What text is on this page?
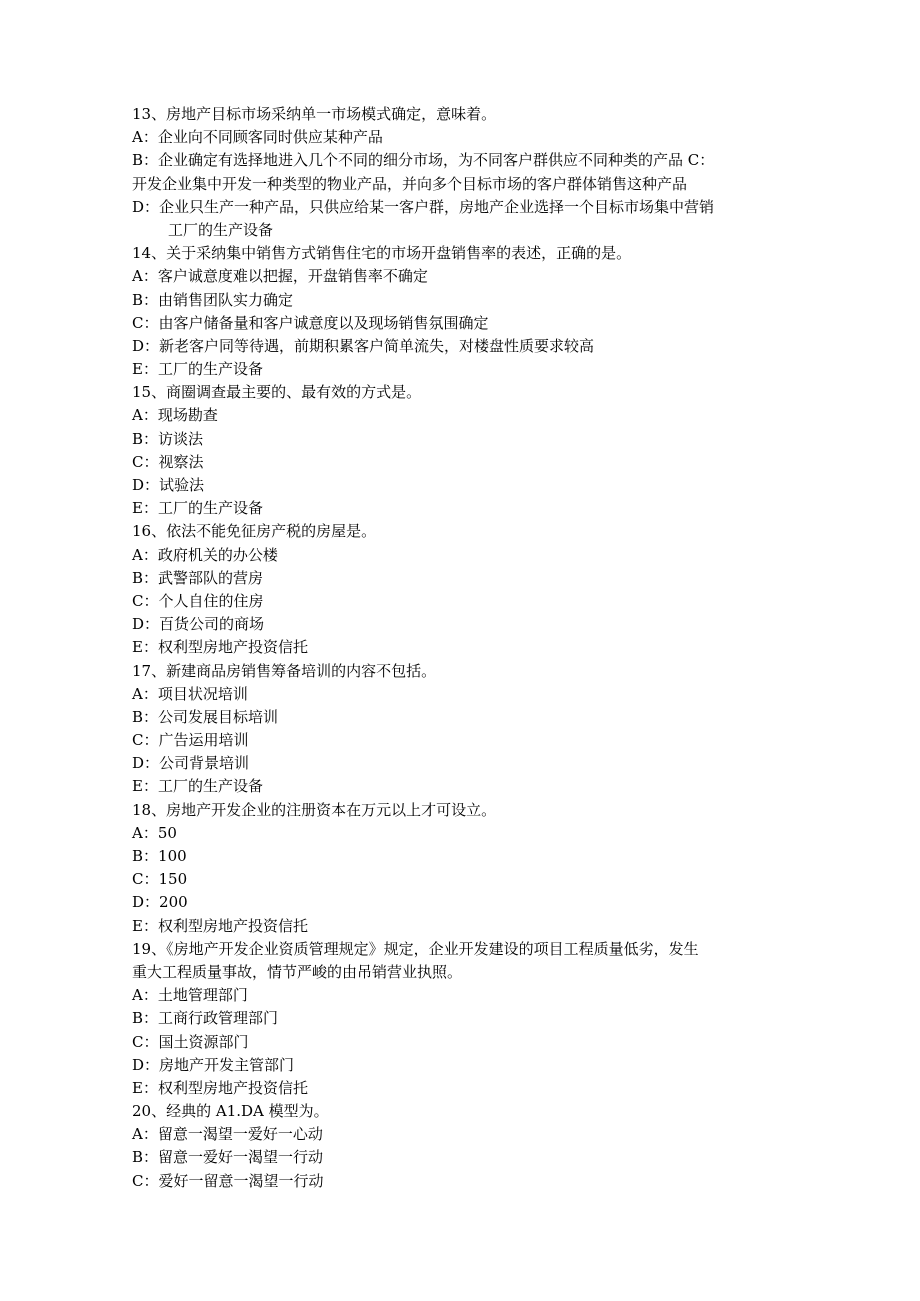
13、房地产目标市场采纳单一市场模式确定，意味着。
A：企业向不同顾客同时供应某种产品
B：企业确定有选择地进入几个不同的细分市场，为不同客户群供应不同种类的产品 C：
开发企业集中开发一种类型的物业产品，并向多个目标市场的客户群体销售这种产品
D：企业只生产一种产品，只供应给某一客户群，房地产企业选择一个目标市场集中营销
工厂的生产设备
14、关于采纳集中销售方式销售住宅的市场开盘销售率的表述，正确的是。
A：客户诚意度难以把握，开盘销售率不确定
B：由销售团队实力确定
C：由客户储备量和客户诚意度以及现场销售氛围确定
D：新老客户同等待遇，前期积累客户简单流失，对楼盘性质要求较高
E：工厂的生产设备
15、商圈调查最主要的、最有效的方式是。
A：现场勘查
B：访谈法
C：视察法
D：试验法
E：工厂的生产设备
16、依法不能免征房产税的房屋是。
A：政府机关的办公楼
B：武警部队的营房
C：个人自住的住房
D：百货公司的商场
E：权利型房地产投资信托
17、新建商品房销售筹备培训的内容不包括。
A：项目状况培训
B：公司发展目标培训
C：广告运用培训
D：公司背景培训
E：工厂的生产设备
18、房地产开发企业的注册资本在万元以上才可设立。
A：50
B：100
C：150
D：200
E：权利型房地产投资信托
19、《房地产开发企业资质管理规定》规定，企业开发建设的项目工程质量低劣，发生
重大工程质量事故，情节严峻的由吊销营业执照。
A：土地管理部门
B：工商行政管理部门
C：国土资源部门
D：房地产开发主管部门
E：权利型房地产投资信托
20、经典的 A1.DA 模型为。
A：留意一渴望一爱好一心动
B：留意一爱好一渴望一行动
C：爱好一留意一渴望一行动
